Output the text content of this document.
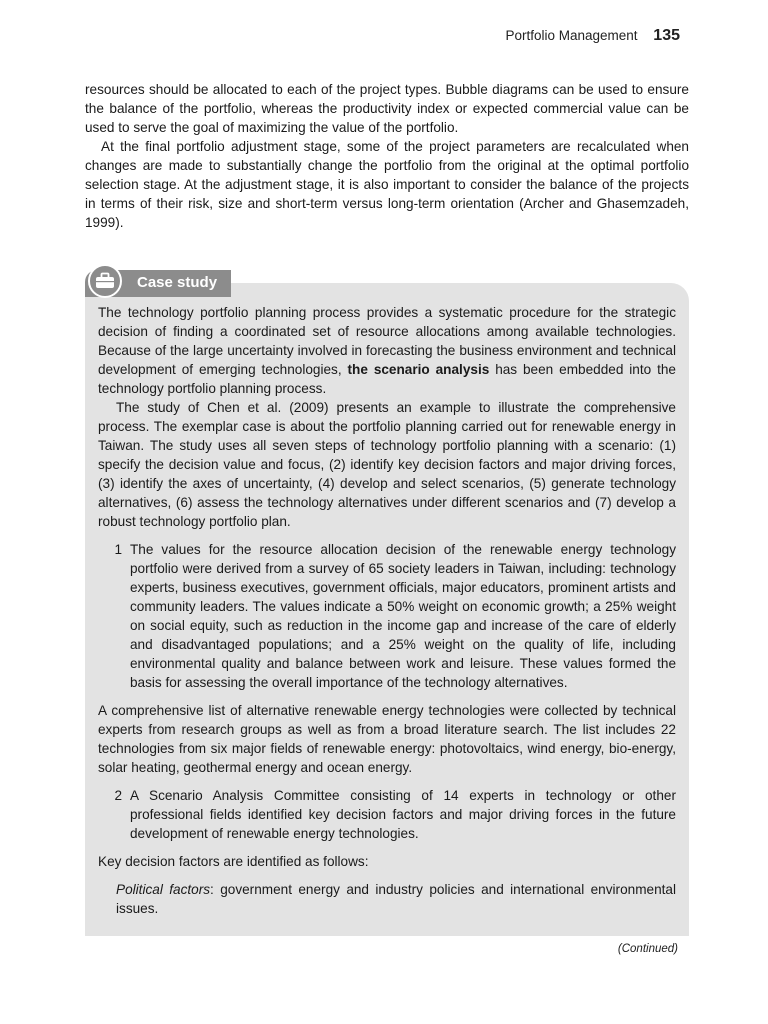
Portfolio Management 135

resources should be allocated to each of the project types. Bubble diagrams can be used to ensure the balance of the portfolio, whereas the productivity index or expected commercial value can be used to serve the goal of maximizing the value of the portfolio.

At the final portfolio adjustment stage, some of the project parameters are recalculated when changes are made to substantially change the portfolio from the original at the optimal portfolio selection stage. At the adjustment stage, it is also important to consider the balance of the projects in terms of their risk, size and short-term versus long-term orientation (Archer and Ghasemzadeh, 1999).

The technology portfolio planning process provides a systematic procedure for the strategic decision of finding a coordinated set of resource allocations among available technologies. Because of the large uncertainty involved in forecasting the business environment and technical development of emerging technologies, the scenario analysis has been embedded into the technology portfolio planning process.

The study of Chen et al. (2009) presents an example to illustrate the comprehensive process. The exemplar case is about the portfolio planning carried out for renewable energy in Taiwan. The study uses all seven steps of technology portfolio planning with a scenario: (1) specify the decision value and focus, (2) identify key decision factors and major driving forces, (3) identify the axes of uncertainty, (4) develop and select scenarios, (5) generate technology alternatives, (6) assess the technology alternatives under different scenarios and (7) develop a robust technology portfolio plan.

1 The values for the resource allocation decision of the renewable energy technology portfolio were derived from a survey of 65 society leaders in Taiwan, including: technology experts, business executives, government officials, major educators, prominent artists and community leaders. The values indicate a 50% weight on economic growth; a 25% weight on social equity, such as reduction in the income gap and increase of the care of elderly and disadvantaged populations; and a 25% weight on the quality of life, including environmental quality and balance between work and leisure. These values formed the basis for assessing the overall importance of the technology alternatives.

A comprehensive list of alternative renewable energy technologies were collected by technical experts from research groups as well as from a broad literature search. The list includes 22 technologies from six major fields of renewable energy: photovoltaics, wind energy, bio-energy, solar heating, geothermal energy and ocean energy.

2 A Scenario Analysis Committee consisting of 14 experts in technology or other professional fields identified key decision factors and major driving forces in the future development of renewable energy technologies.

Key decision factors are identified as follows:

Political factors: government energy and industry policies and international environmental issues.
Case study
(Continued)
